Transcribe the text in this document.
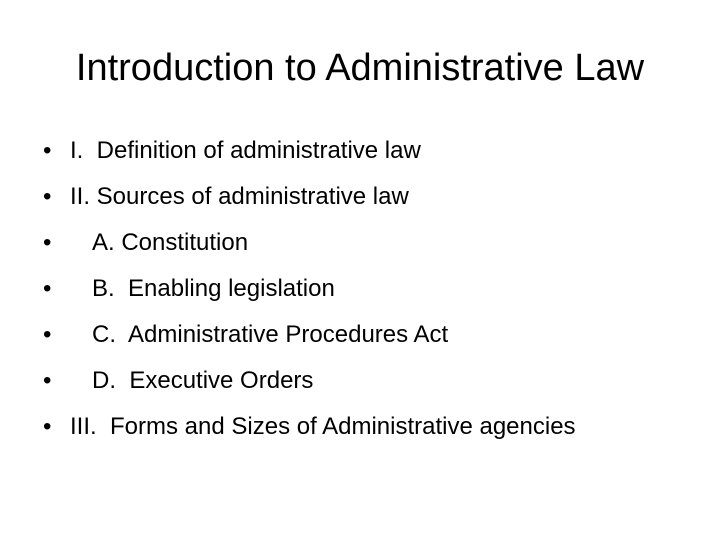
Introduction to Administrative Law
• I.  Definition of administrative law
• II. Sources of administrative law
•	A. Constitution
•	B.  Enabling legislation
•	C.  Administrative Procedures Act
•	D.  Executive Orders
• III.  Forms and Sizes of Administrative agencies
